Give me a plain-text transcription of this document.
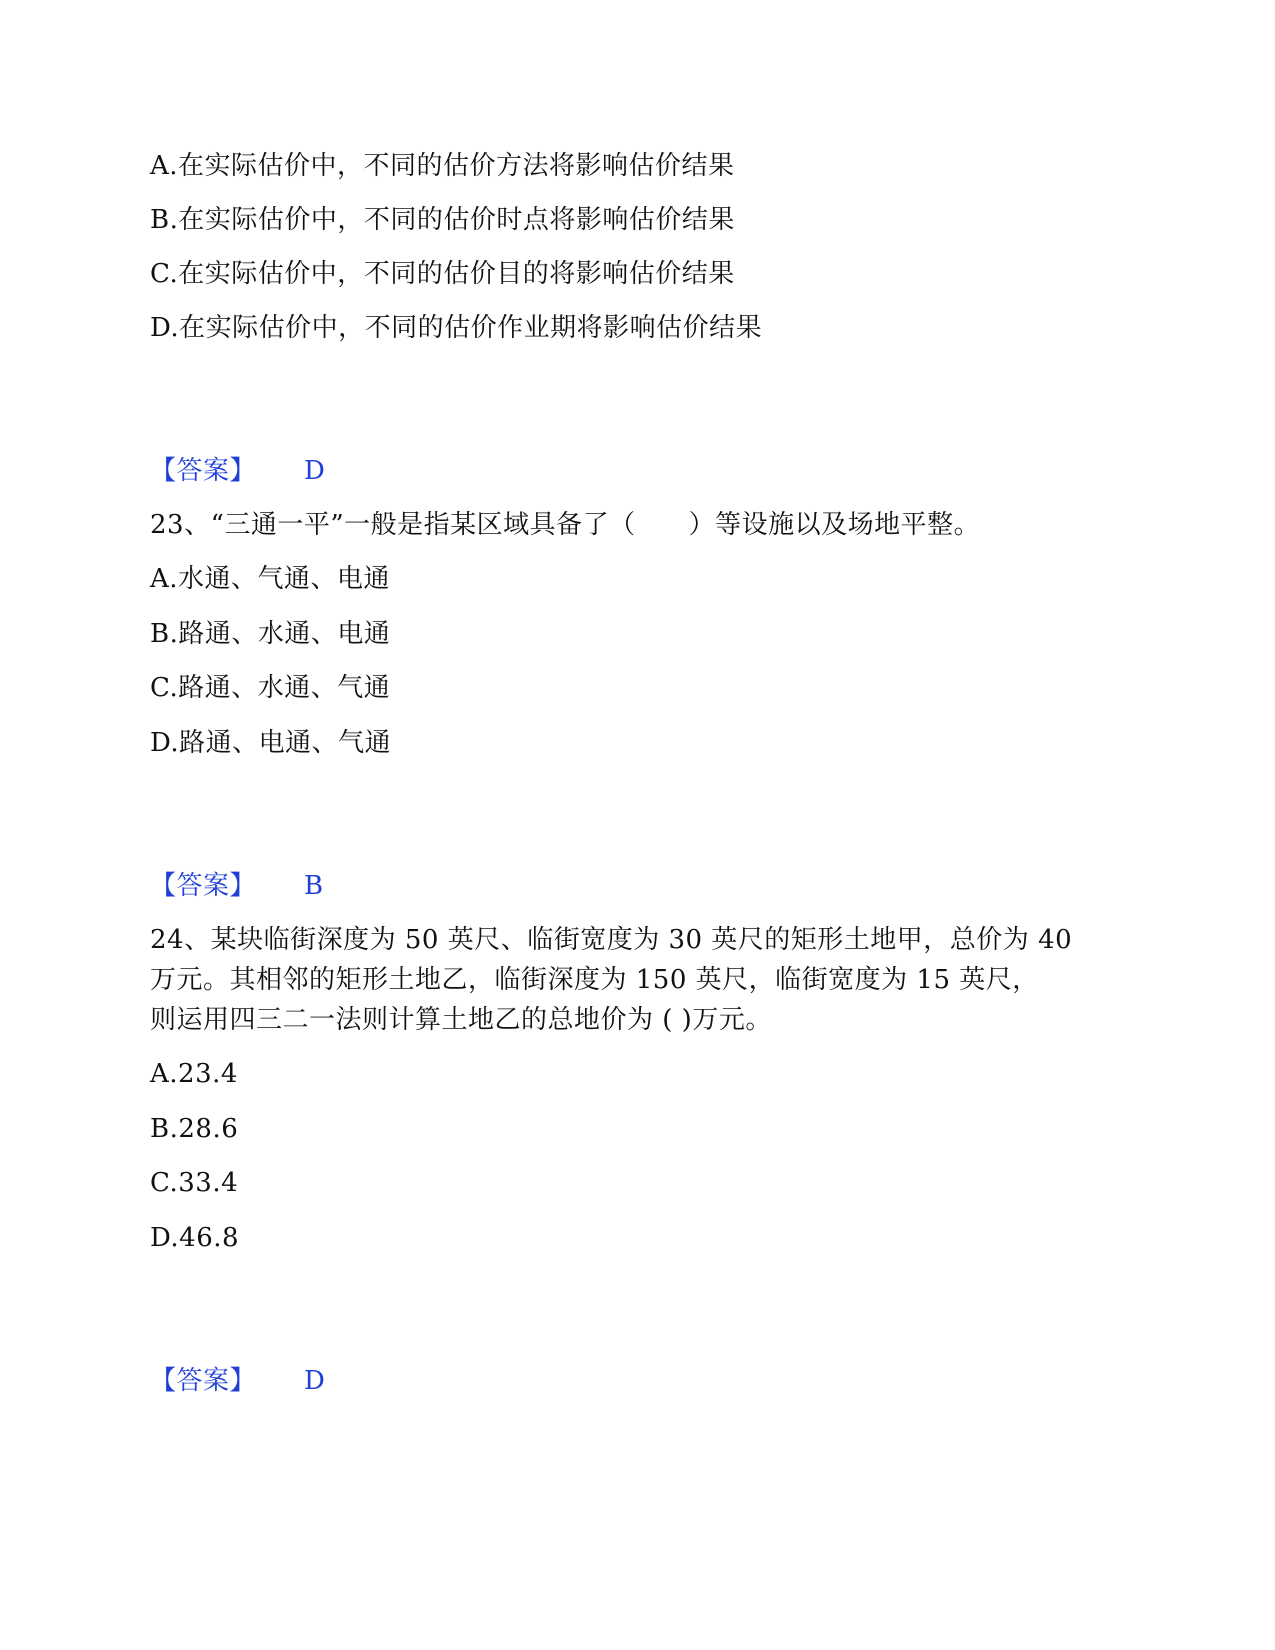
A.在实际估价中，不同的估价方法将影响估价结果
B.在实际估价中，不同的估价时点将影响估价结果
C.在实际估价中，不同的估价目的将影响估价结果
D.在实际估价中，不同的估价作业期将影响估价结果
【答案】 D
23、“三通一平”一般是指某区域具备了（　　）等设施以及场地平整。
A.水通、气通、电通
B.路通、水通、电通
C.路通、水通、气通
D.路通、电通、气通
【答案】 B
24、某块临街深度为 50 英尺、临街宽度为 30 英尺的矩形土地甲，总价为 40
万元。其相邻的矩形土地乙，临街深度为 150 英尺，临街宽度为 15 英尺，
则运用四三二一法则计算土地乙的总地价为 ( )万元。
A.23.4
B.28.6
C.33.4
D.46.8
【答案】 D
